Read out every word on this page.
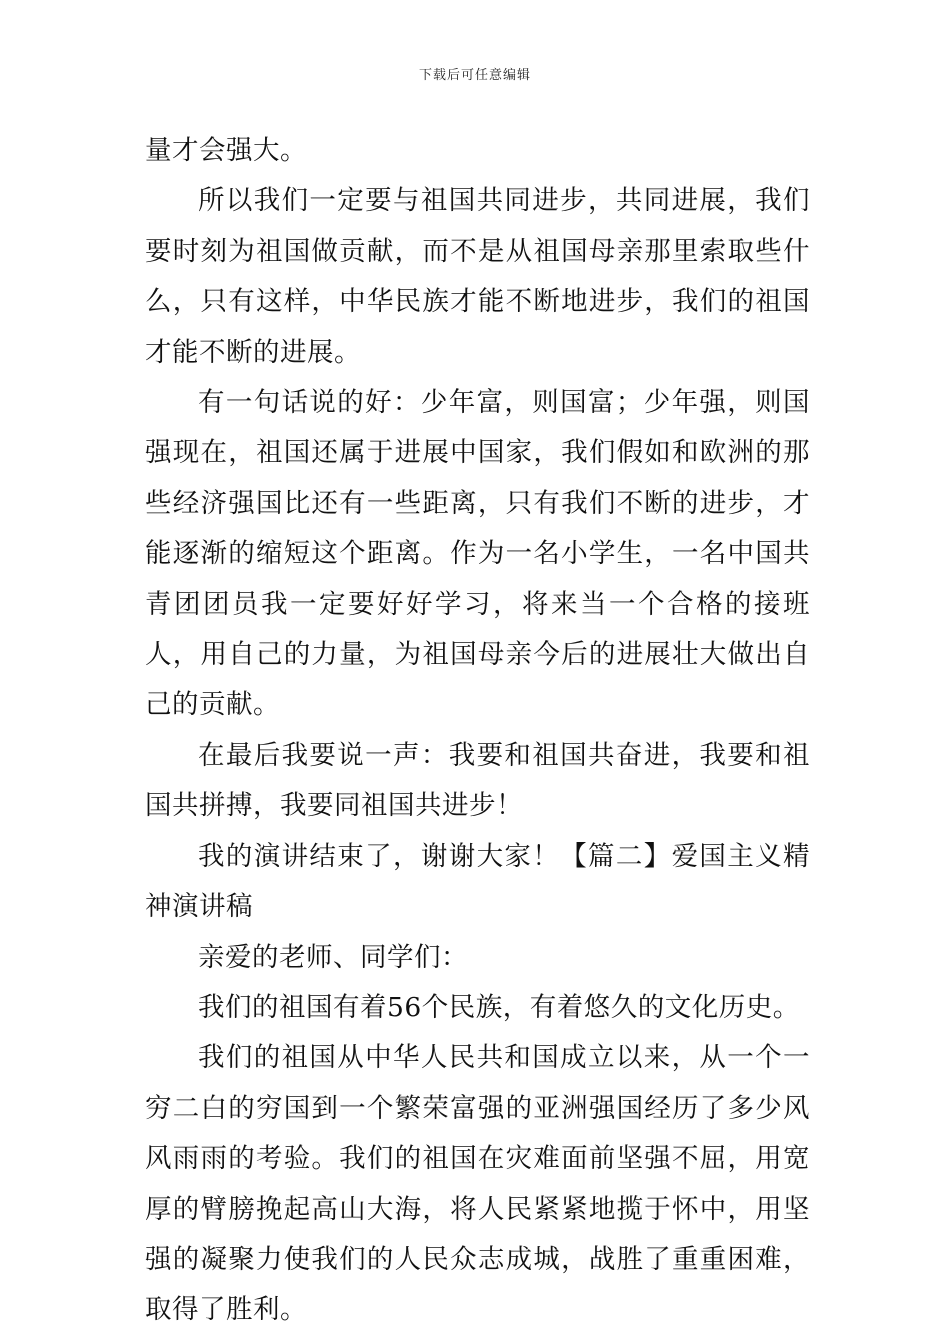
下载后可任意编辑

量才会强大。

所以我们一定要与祖国共同进步，共同进展，我们要时刻为祖国做贡献，而不是从祖国母亲那里索取些什么，只有这样，中华民族才能不断地进步，我们的祖国才能不断的进展。

有一句话说的好：少年富，则国富；少年强，则国强现在，祖国还属于进展中国家，我们假如和欧洲的那些经济强国比还有一些距离，只有我们不断的进步，才能逐渐的缩短这个距离。作为一名小学生，一名中国共青团团员我一定要好好学习，将来当一个合格的接班人，用自己的力量，为祖国母亲今后的进展壮大做出自己的贡献。

在最后我要说一声：我要和祖国共奋进，我要和祖国共拼搏，我要同祖国共进步！

我的演讲结束了，谢谢大家！【篇二】爱国主义精神演讲稿

亲爱的老师、同学们：

我们的祖国有着56个民族，有着悠久的文化历史。

我们的祖国从中华人民共和国成立以来，从一个一穷二白的穷国到一个繁荣富强的亚洲强国经历了多少风风雨雨的考验。我们的祖国在灾难面前坚强不屈，用宽厚的臂膀挽起高山大海，将人民紧紧地揽于怀中，用坚强的凝聚力使我们的人民众志成城，战胜了重重困难，取得了胜利。
